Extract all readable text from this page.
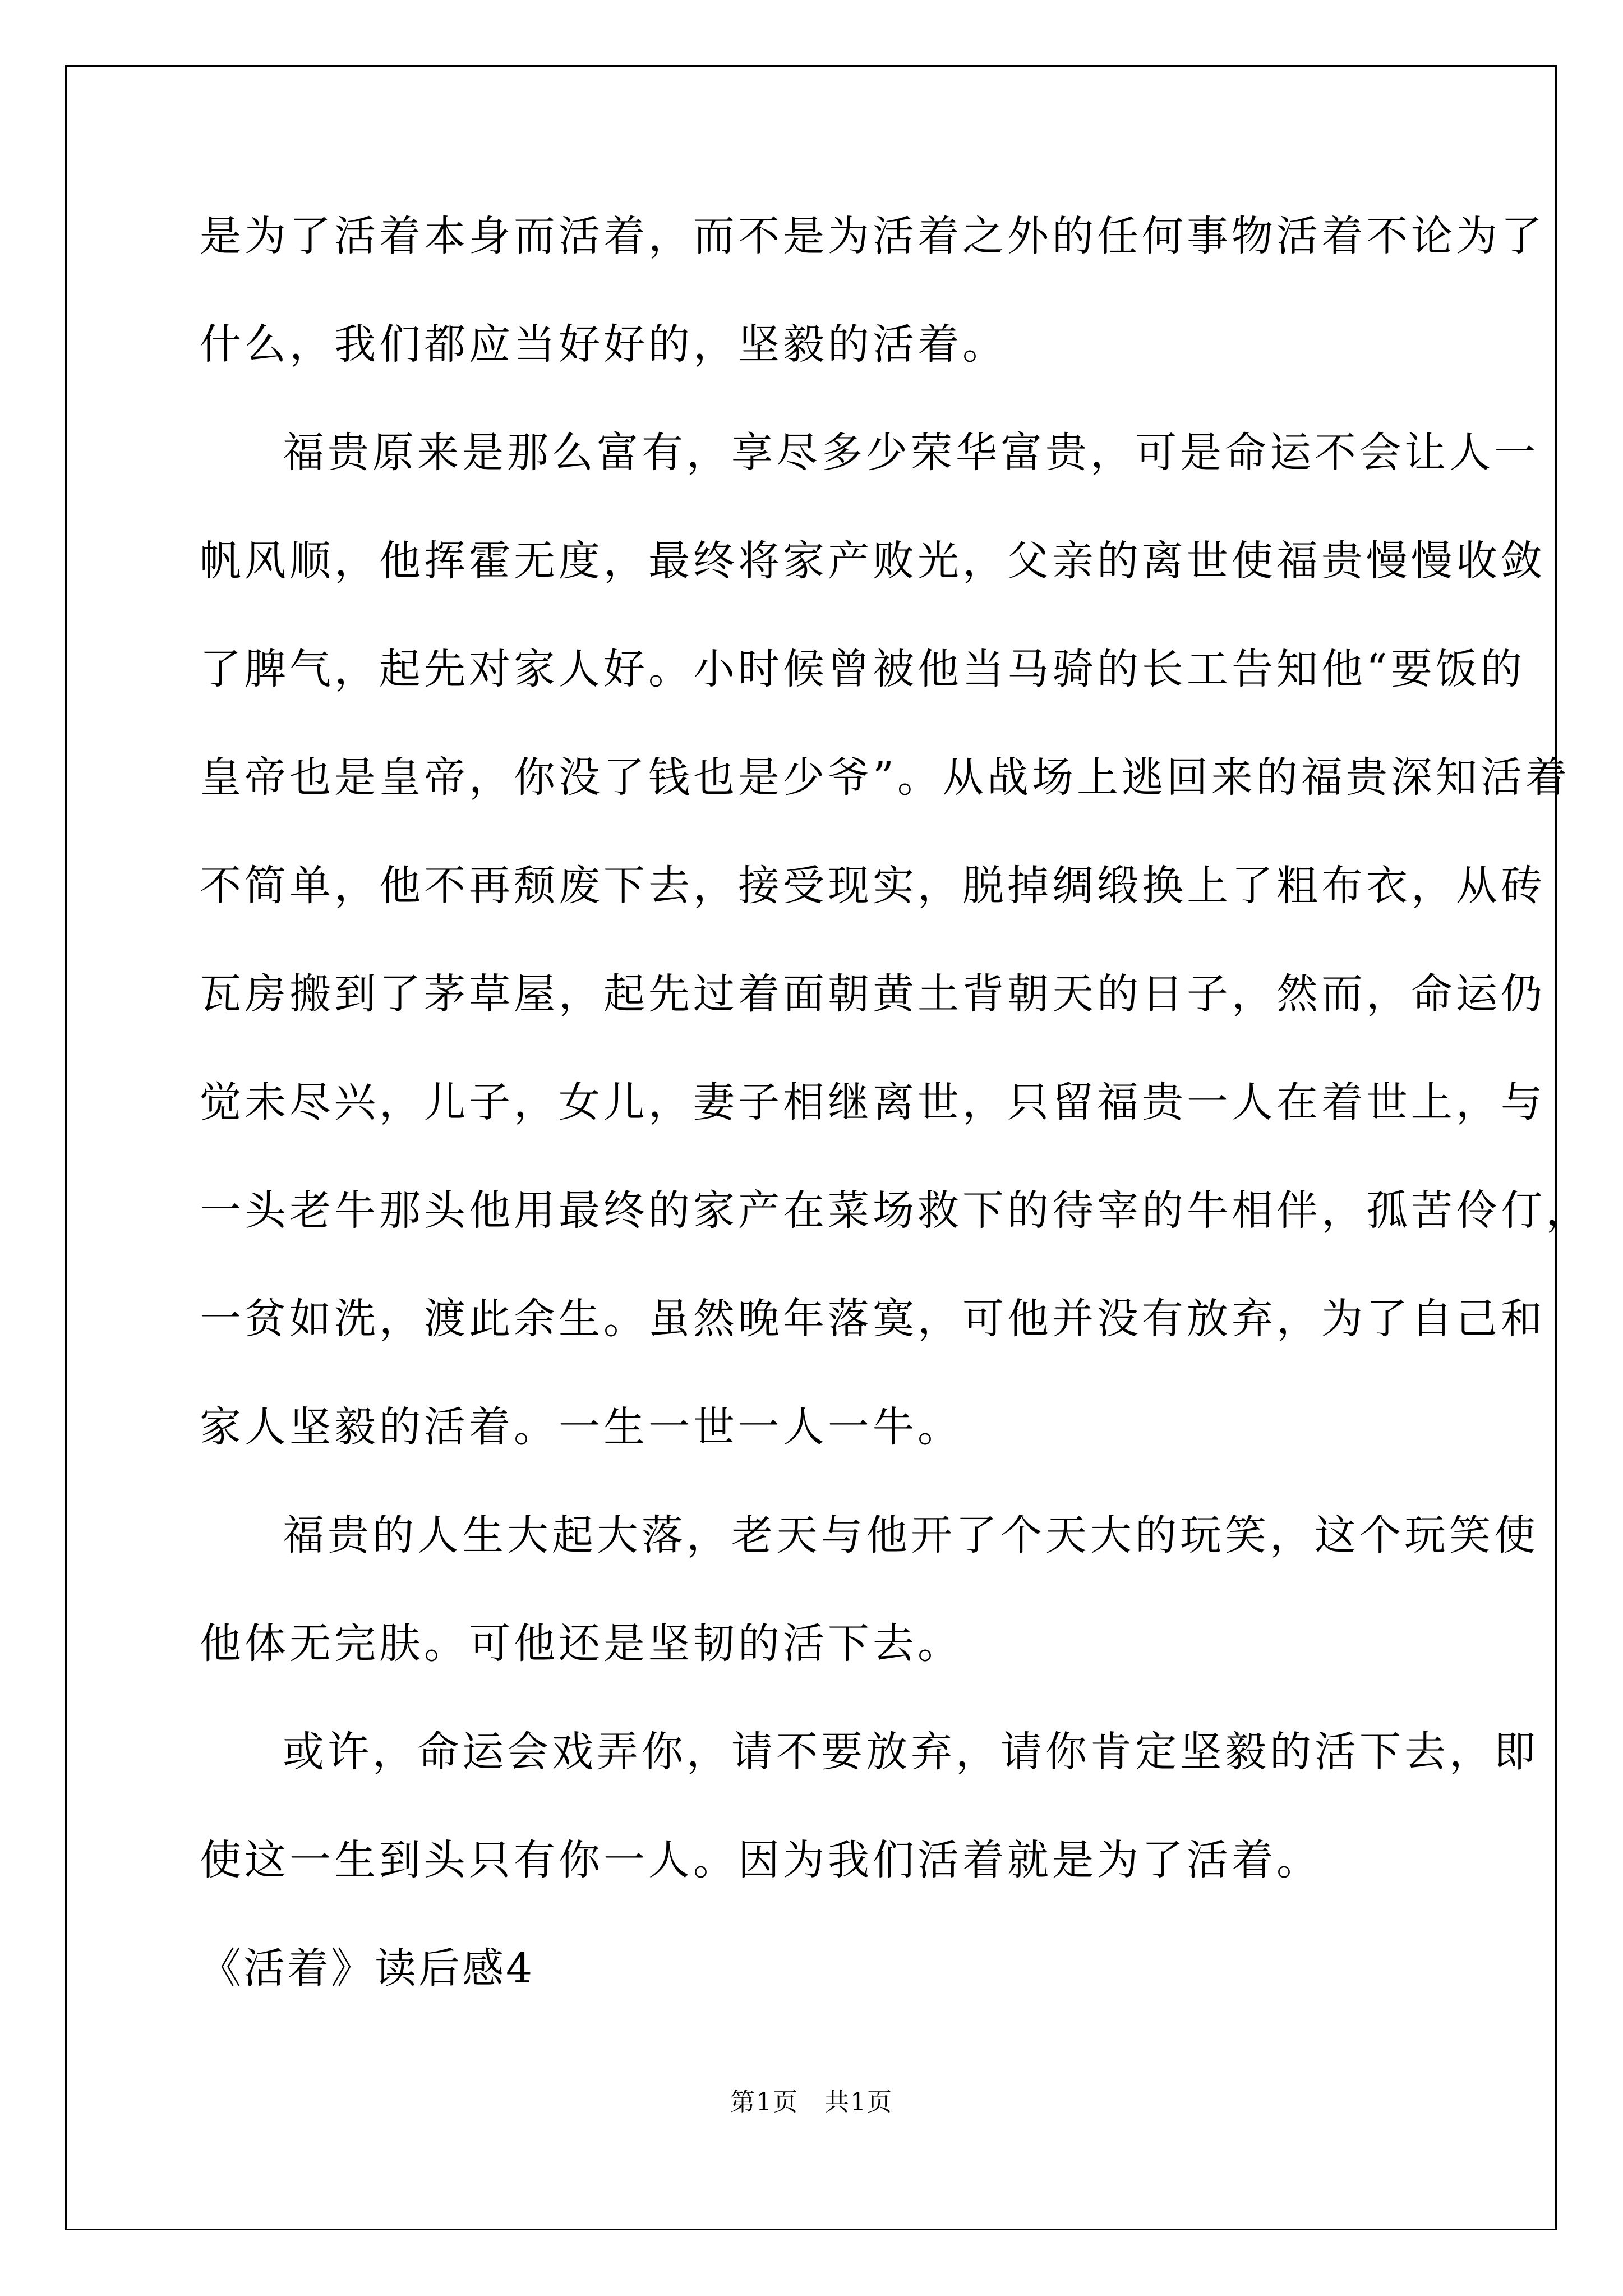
是为了活着本身而活着，而不是为活着之外的任何事物活着不论为了
什么，我们都应当好好的，坚毅的活着。
福贵原来是那么富有，享尽多少荣华富贵，可是命运不会让人一
帆风顺，他挥霍无度，最终将家产败光，父亲的离世使福贵慢慢收敛
了脾气，起先对家人好。小时候曾被他当马骑的长工告知他“要饭的
皇帝也是皇帝，你没了钱也是少爷”。从战场上逃回来的福贵深知活着
不简单，他不再颓废下去，接受现实，脱掉绸缎换上了粗布衣，从砖
瓦房搬到了茅草屋，起先过着面朝黄土背朝天的日子，然而，命运仍
觉未尽兴，儿子，女儿，妻子相继离世，只留福贵一人在着世上，与
一头老牛那头他用最终的家产在菜场救下的待宰的牛相伴，孤苦伶仃，
一贫如洗，渡此余生。虽然晚年落寞，可他并没有放弃，为了自己和
家人坚毅的活着。一生一世一人一牛。
福贵的人生大起大落，老天与他开了个天大的玩笑，这个玩笑使
他体无完肤。可他还是坚韧的活下去。
或许，命运会戏弄你，请不要放弃，请你肯定坚毅的活下去，即
使这一生到头只有你一人。因为我们活着就是为了活着。
《活着》读后感4
第1页　共1页
